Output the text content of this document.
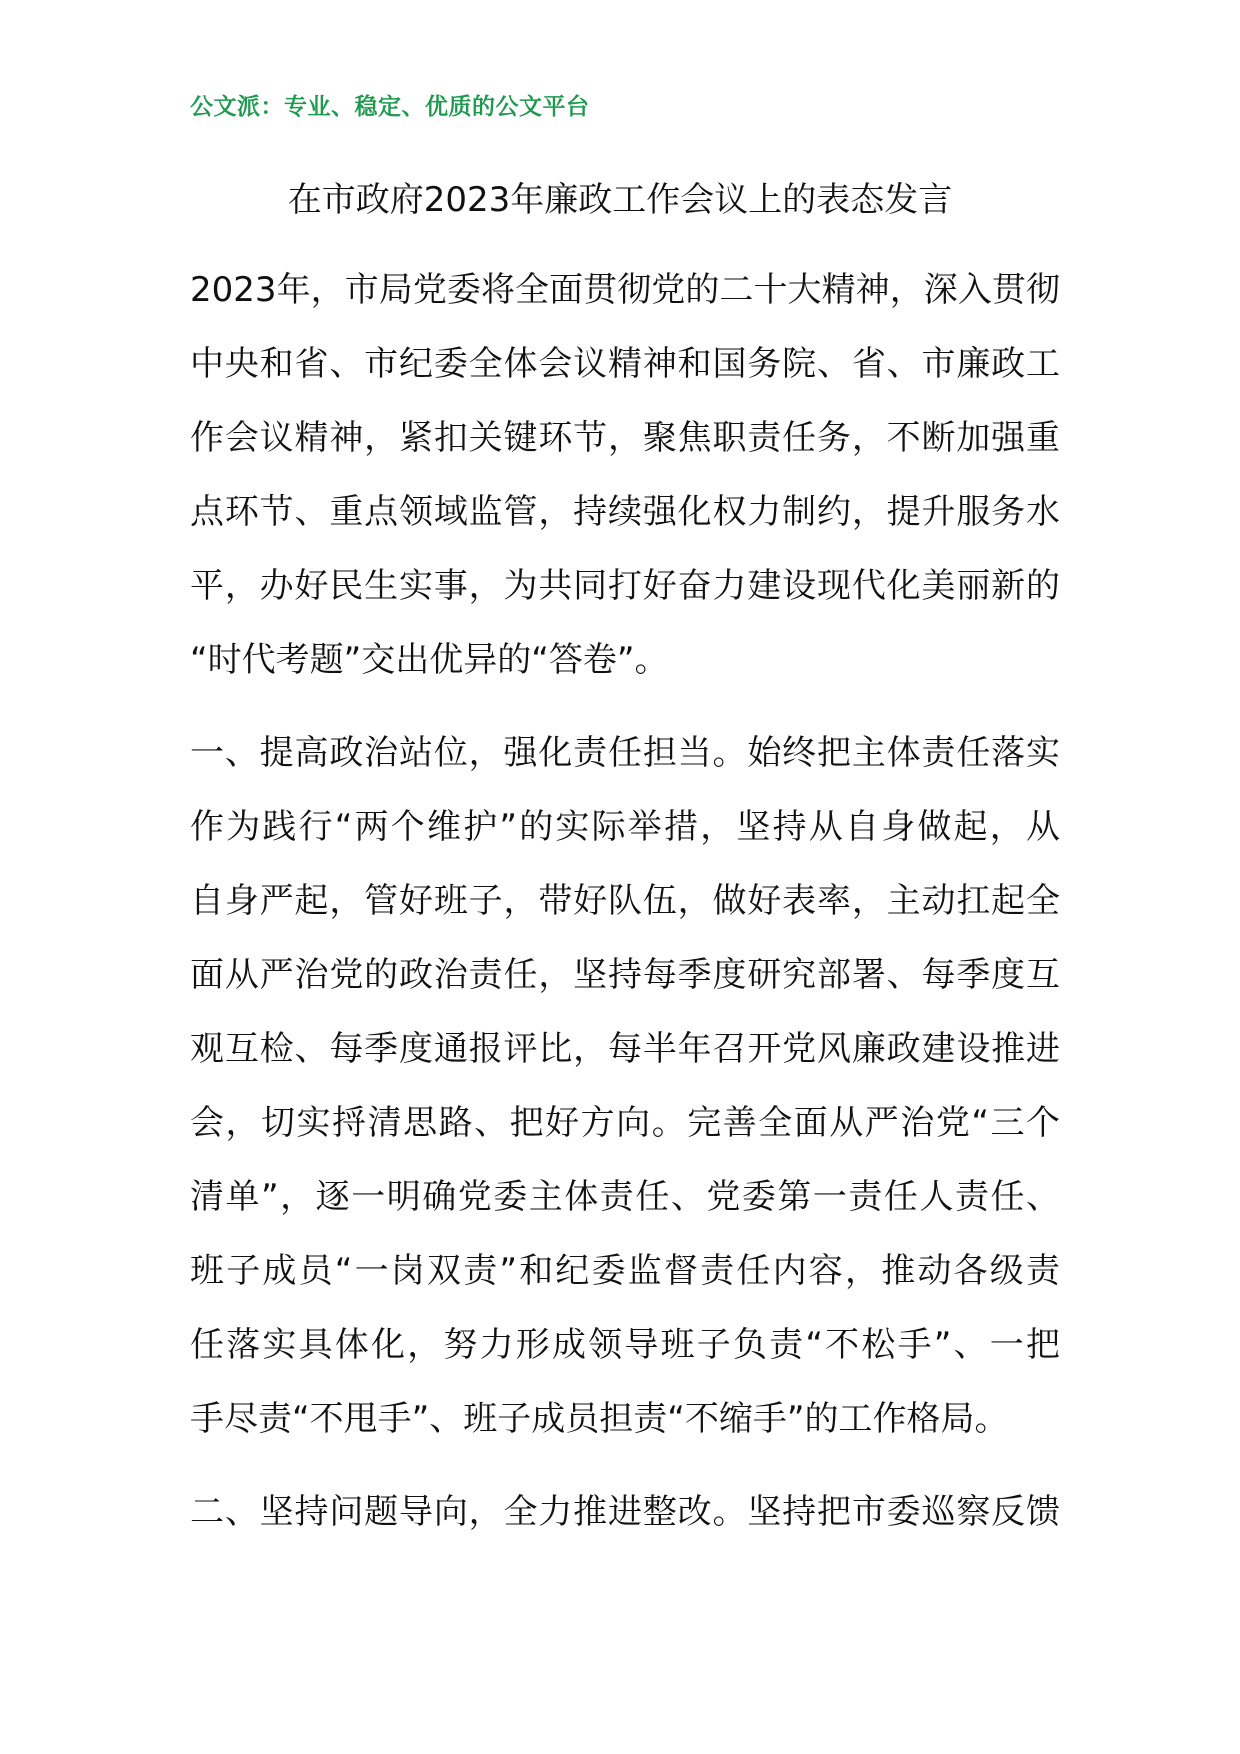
公文派：专业、稳定、优质的公文平台
在市政府2023年廉政工作会议上的表态发言
2023年，市局党委将全面贯彻党的二十大精神，深入贯彻
中央和省、市纪委全体会议精神和国务院、省、市廉政工
作会议精神，紧扣关键环节，聚焦职责任务，不断加强重
点环节、重点领域监管，持续强化权力制约，提升服务水
平，办好民生实事，为共同打好奋力建设现代化美丽新的
“时代考题”交出优异的“答卷”。
一、提高政治站位，强化责任担当。始终把主体责任落实
作为践行“两个维护”的实际举措，坚持从自身做起，从
自身严起，管好班子，带好队伍，做好表率，主动扛起全
面从严治党的政治责任，坚持每季度研究部署、每季度互
观互检、每季度通报评比，每半年召开党风廉政建设推进
会，切实捋清思路、把好方向。完善全面从严治党“三个
清单”，逐一明确党委主体责任、党委第一责任人责任、
班子成员“一岗双责”和纪委监督责任内容，推动各级责
任落实具体化，努力形成领导班子负责“不松手”、一把
手尽责“不甩手”、班子成员担责“不缩手”的工作格局。
二、坚持问题导向，全力推进整改。坚持把市委巡察反馈
